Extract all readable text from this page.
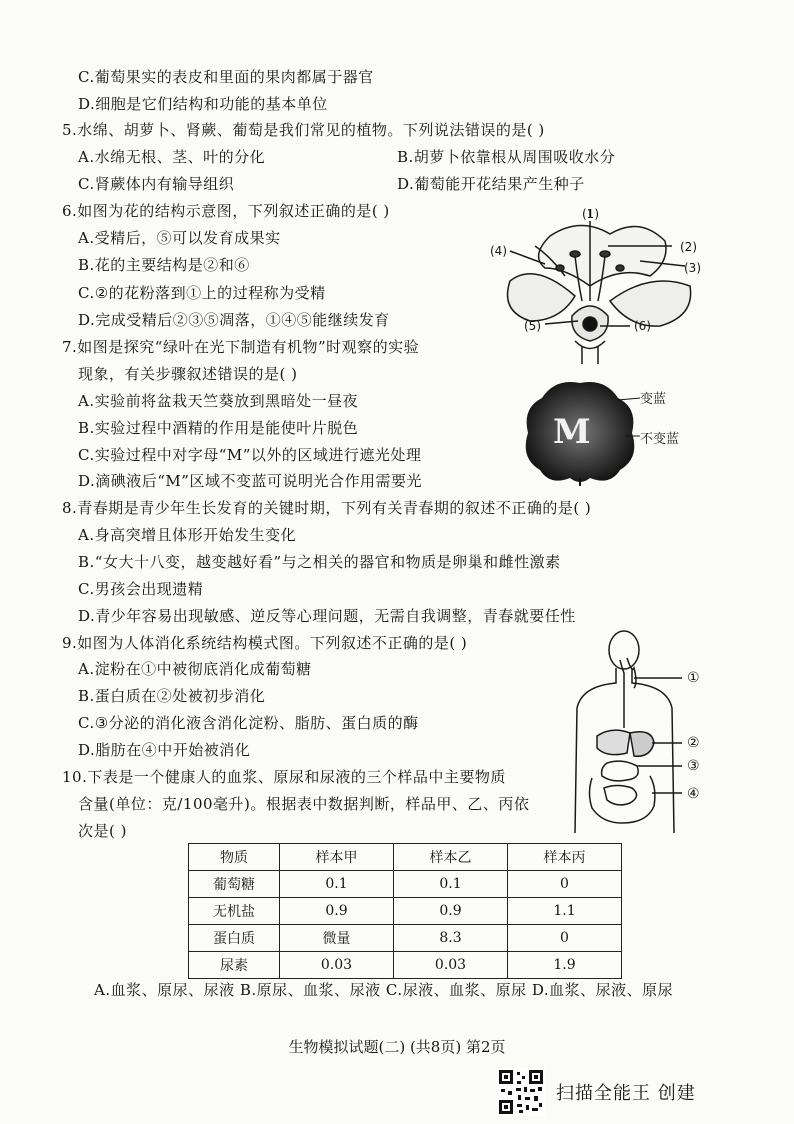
C.葡萄果实的表皮和里面的果肉都属于器官
D.细胞是它们结构和功能的基本单位
5.水绵、胡萝卜、肾蕨、葡萄是我们常见的植物。下列说法错误的是( )
A.水绵无根、茎、叶的分化	B.胡萝卜依靠根从周围吸收水分
C.肾蕨体内有输导组织	D.葡萄能开花结果产生种子
6.如图为花的结构示意图，下列叙述正确的是( )
A.受精后，⑤可以发育成果实
B.花的主要结构是②和⑥
C.②的花粉落到①上的过程称为受精
D.完成受精后②③⑤凋落，①④⑤能继续发育
7.如图是探究“绿叶在光下制造有机物”时观察的实验
现象，有关步骤叙述错误的是( )
A.实验前将盆栽天竺葵放到黑暗处一昼夜
B.实验过程中酒精的作用是能使叶片脱色
C.实验过程中对字母“M”以外的区域进行遮光处理
D.滴碘液后“M”区域不变蓝可说明光合作用需要光
8.青春期是青少年生长发育的关键时期，下列有关青春期的叙述不正确的是( )
A.身高突增且体形开始发生变化
B.“女大十八变，越变越好看”与之相关的器官和物质是卵巢和雌性激素
C.男孩会出现遗精
D.青少年容易出现敏感、逆反等心理问题，无需自我调整，青春就要任性
9.如图为人体消化系统结构模式图。下列叙述不正确的是( )
A.淀粉在①中被彻底消化成葡萄糖
B.蛋白质在②处被初步消化
C.③分泌的消化液含消化淀粉、脂肪、蛋白质的酶
D.脂肪在④中开始被消化
10.下表是一个健康人的血浆、原尿和尿液的三个样品中主要物质
含量(单位：克/100毫升)。根据表中数据判断，样品甲、乙、丙依
次是( )
(1)
(2)
(3)
(4)
(5)	(6)
M
变蓝
不变蓝
①
②
③
④
物质	样本甲	样本乙	样本丙
葡萄糖	0.1	0.1	0
无机盐	0.9	0.9	1.1
蛋白质	微量	8.3	0
尿素	0.03	0.03	1.9
A.血浆、原尿、尿液 B.原尿、血浆、尿液 C.尿液、血浆、原尿 D.血浆、尿液、原尿
生物模拟试题(二) (共8页) 第2页
扫描全能王 创建
